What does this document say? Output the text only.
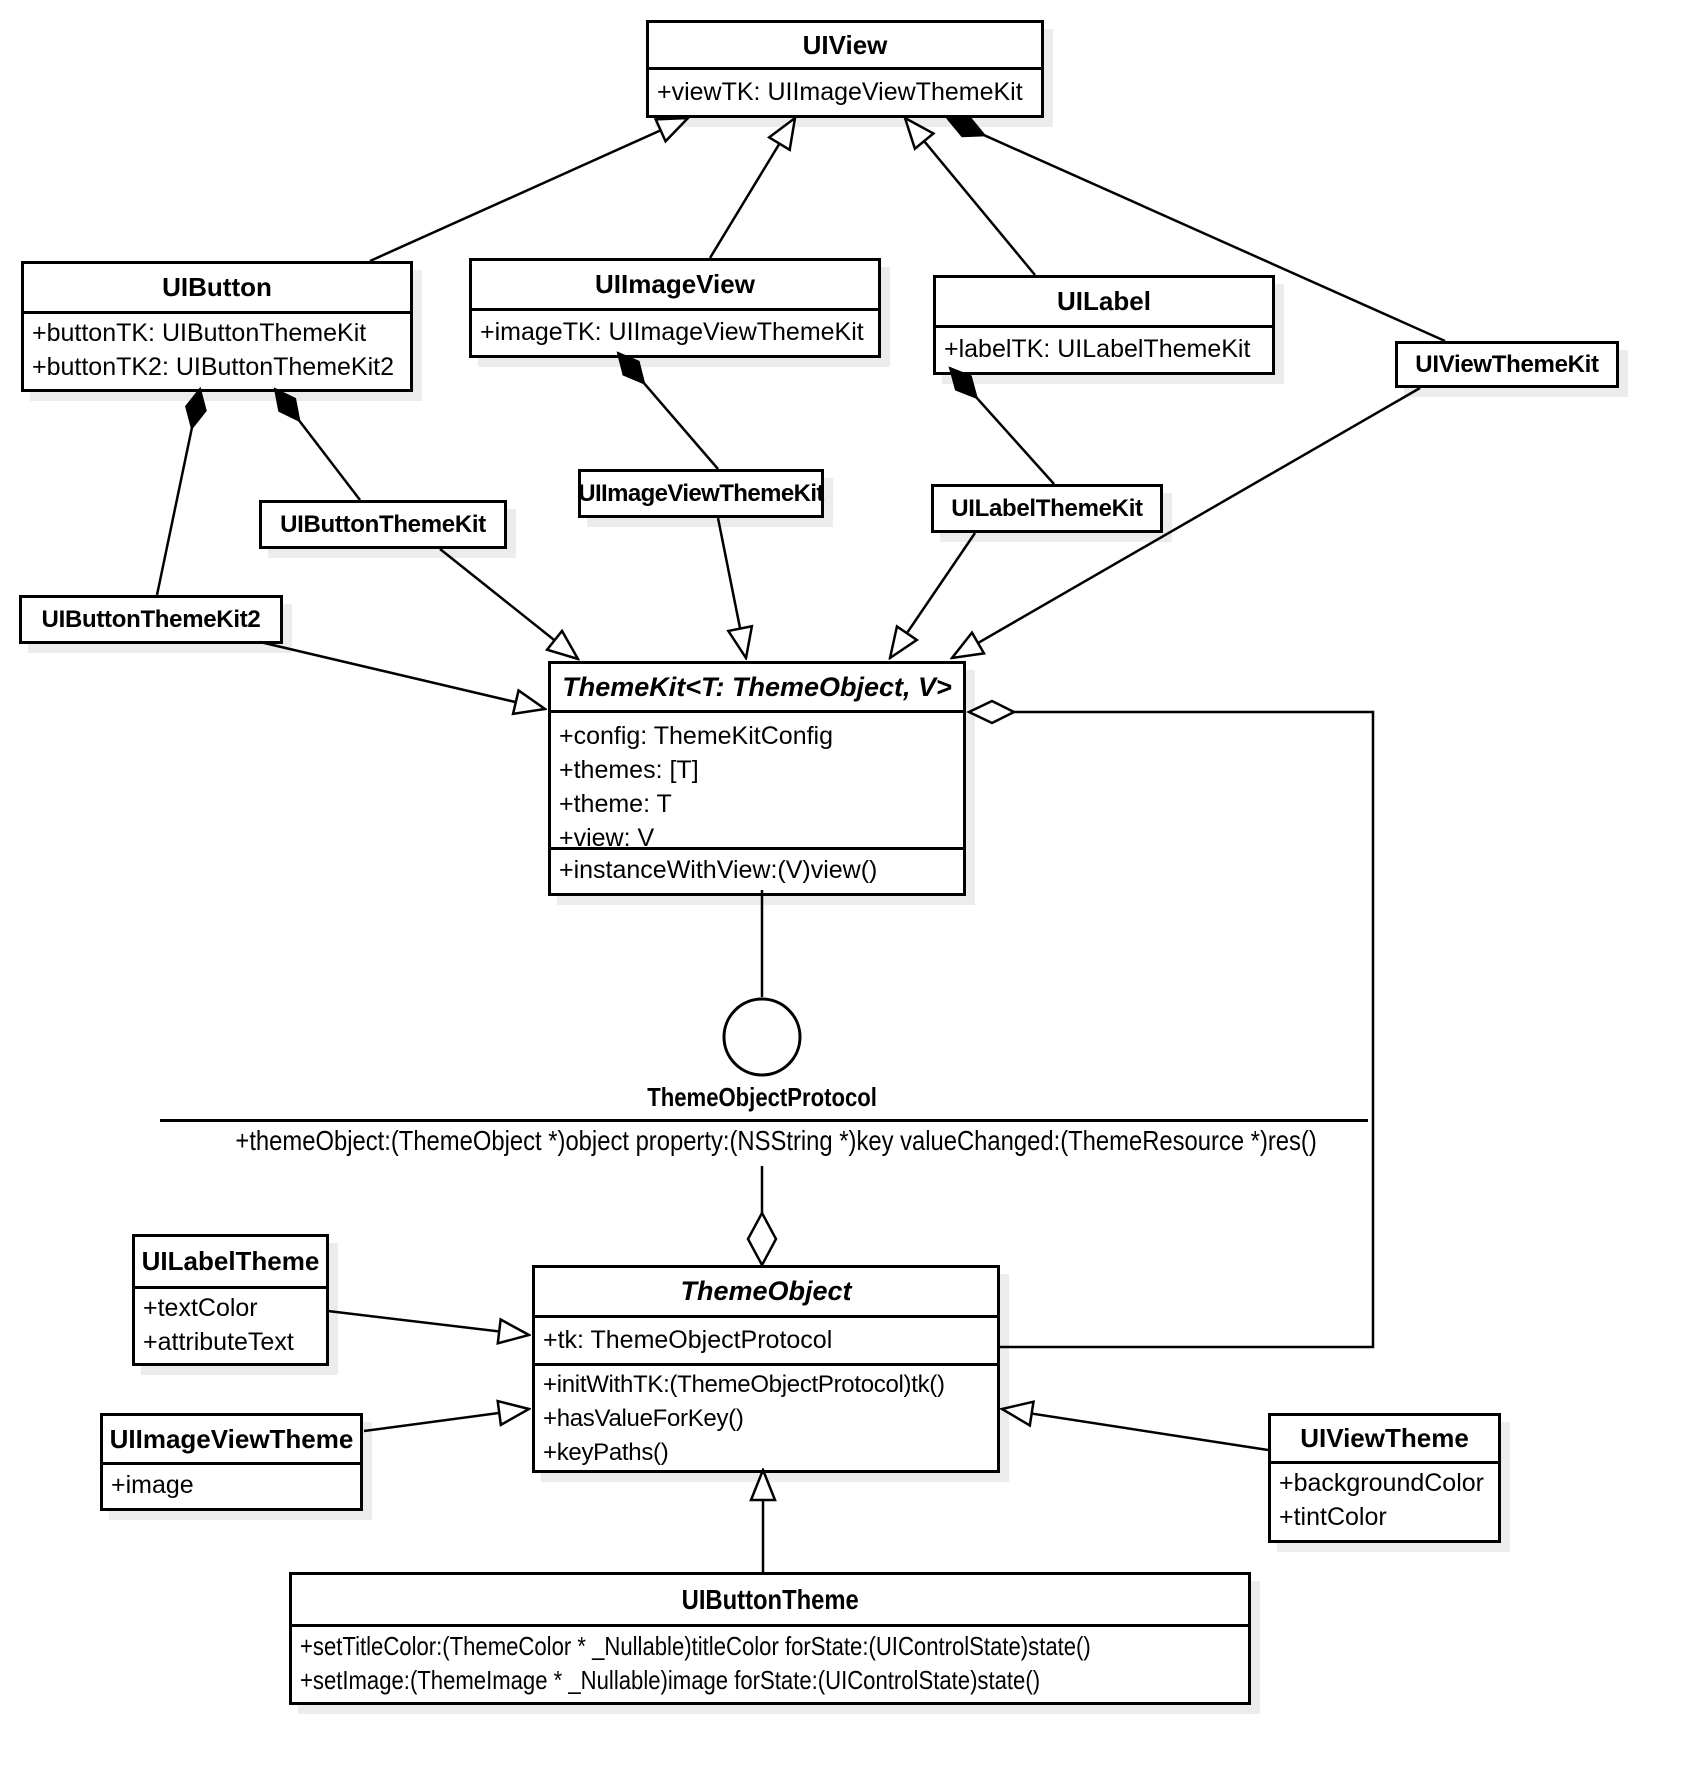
UIView
+viewTK: UIImageViewThemeKit
UIButton
+buttonTK: UIButtonThemeKit
+buttonTK2: UIButtonThemeKit2
UIImageView
+imageTK: UIImageViewThemeKit
UILabel
+labelTK: UILabelThemeKit
UIViewThemeKit
UIButtonThemeKit
UIButtonThemeKit2
UIImageViewThemeKit
UILabelThemeKit
ThemeKit<T: ThemeObject, V>
+config: ThemeKitConfig
+themes: [T]
+theme: T
+view: V
+instanceWithView:(V)view()
ThemeObjectProtocol
+themeObject:(ThemeObject *)object property:(NSString *)key valueChanged:(ThemeResource *)res()
UILabelTheme
+textColor
+attributeText
ThemeObject
+tk: ThemeObjectProtocol
+initWithTK:(ThemeObjectProtocol)tk()
+hasValueForKey()
+keyPaths()
UIImageViewTheme
+image
UIViewTheme
+backgroundColor
+tintColor
UIButtonTheme
+setTitleColor:(ThemeColor * _Nullable)titleColor forState:(UIControlState)state()
+setImage:(ThemeImage * _Nullable)image forState:(UIControlState)state()
